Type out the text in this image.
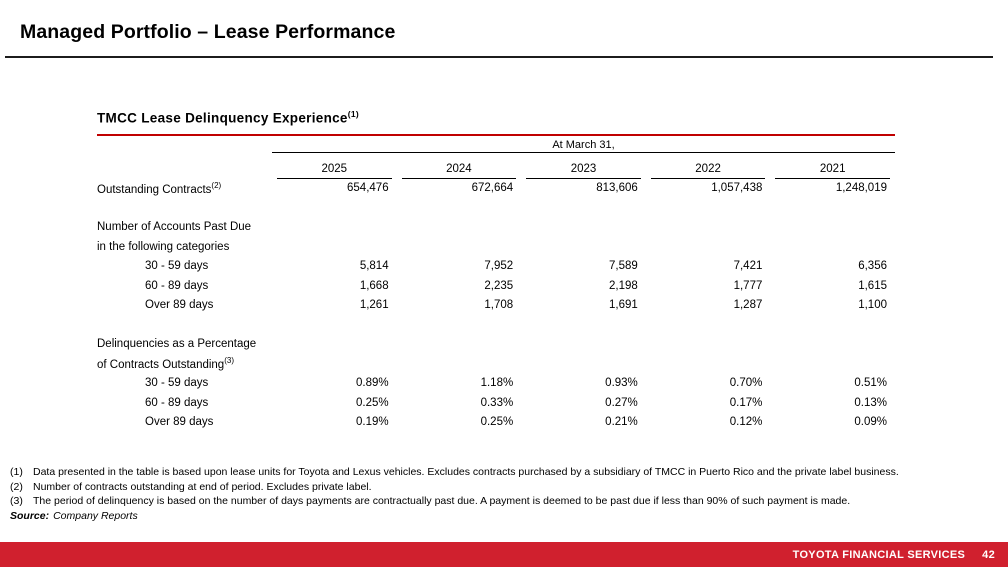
Managed Portfolio – Lease Performance
TMCC Lease Delinquency Experience$^{(1)}$
At March 31,

	2025	2024	2023	2022	2021

Outstanding Contracts$^{(2)}$	654,476	672,664	813,606	1,057,438	1,248,019

Number of Accounts Past Due					
in the following categories					
30 - 59 days	5,814	7,952	7,589	7,421	6,356
60 - 89 days	1,668	2,235	2,198	1,777	1,615
Over 89 days	1,261	1,708	1,691	1,287	1,100

Delinquencies as a Percentage					
of Contracts Outstanding$^{(3)}$					
30 - 59 days	0.89%	1.18%	0.93%	0.70%	0.51%
60 - 89 days	0.25%	0.33%	0.27%	0.17%	0.13%
Over 89 days	0.19%	0.25%	0.21%	0.12%	0.09%
(1) Data presented in the table is based upon lease units for Toyota and Lexus vehicles. Excludes contracts purchased by a subsidiary of TMCC in Puerto Rico and the private label business.
(2) Number of contracts outstanding at end of period. Excludes private label.
(3) The period of delinquency is based on the number of days payments are contractually past due. A payment is deemed to be past due if less than 90% of such payment is made.
Source: Company Reports
TOYOTA FINANCIAL SERVICES 42
